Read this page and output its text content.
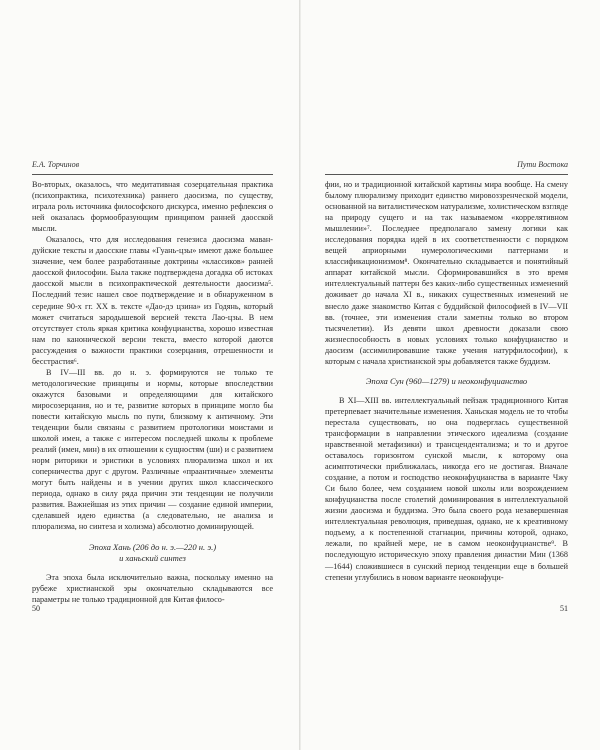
Е.А. Торчинов

Во-вторых, оказалось, что медитативная созерцательная практика (психопрактика, психотехника) раннего даосизма, по существу, играла роль источника философского дискурса, именно рефлексия о ней оказалась формообразующим принципом ранней даосской мысли.

Оказалось, что для исследования генезиса даосизма маван-дуйские тексты и даосские главы «Гуань-цзы» имеют даже большее значение, чем более разработанные доктрины «классиков» ранней даосской философии. Была также подтверждена догадка об истоках даосской мысли в психопрактической деятельности даосизма⁵. Последний тезис нашел свое подтверждение и в обнаруженном в середине 90-х гг. XX в. тексте «Дао-дэ цзина» из Годянь, который может считаться зародышевой версией текста Лао-цзы. В нем отсутствует столь яркая критика конфуцианства, хорошо известная нам по канонической версии текста, вместо которой даются рассуждения о важности практики созерцания, отрешенности и бесстрастия⁶.

В IV—III вв. до н. э. формируются не только те методологические принципы и нормы, которые впоследствии окажутся базовыми и определяющими для китайского миросозерцания, но и те, развитие которых в принципе могло бы повести китайскую мысль по пути, близкому к античному. Эти тенденции были связаны с развитием протологики моистами и школой имен, а также с интересом последней школы к проблеме реалий (имен, мин) в их отношении к сущностям (ши) и с развитием норм риторики и эристики в условиях плюрализма школ и их соперничества друг с другом. Различные «праантичные» элементы могут быть найдены и в учении других школ классического периода, однако в силу ряда причин эти тенденции не получили развития. Важнейшая из этих причин — создание единой империи, сделавшей идею единства (а следовательно, не анализа и плюрализма, но синтеза и холизма) абсолютно доминирующей.

Эпоха Хань (206 до н. э.—220 н. э.)
и ханьский синтез

Эта эпоха была исключительно важна, поскольку именно на рубеже христианской эры окончательно складываются все параметры не только традиционной для Китая филосо-

50
Пути Востока

фии, но и традиционной китайской картины мира вообще. На смену былому плюрализму приходит единство мировоззренческой модели, основанной на виталистическом натурализме, холистическом взгляде на природу сущего и на так называемом «коррелятивном мышлении»⁷. Последнее предполагало замену логики как исследования порядка идей в их соответственности с порядком вещей априорными нумерологическими паттернами и классификационизмом⁸. Окончательно складывается и понятийный аппарат китайской мысли. Сформировавшийся в это время интеллектуальный паттерн без каких-либо существенных изменений доживает до начала XI в., никаких существенных изменений не внесло даже знакомство Китая с буддийской философией в IV—VII вв. (точнее, эти изменения стали заметны только во втором тысячелетии). Из девяти школ древности доказали свою жизнеспособность в новых условиях только конфуцианство и даосизм (ассимилировавшие также учения натурфилософии), к которым с начала христианской эры добавляется также буддизм.

Эпоха Сун (960—1279) и неоконфуцианство

В XI—XIII вв. интеллектуальный пейзаж традиционного Китая претерпевает значительные изменения. Ханьская модель не то чтобы перестала существовать, но она подверглась существенной трансформации в направлении этического идеализма (создание нравственной метафизики) и трансцендентализма; и то и другое оставалось горизонтом сунской мысли, к которому она асимптотически приближалась, никогда его не достигая. Вначале создание, а потом и господство неоконфуцианства в варианте Чжу Си было более, чем созданием новой школы или возрождением конфуцианства после столетий доминирования в интеллектуальной жизни даосизма и буддизма. Это была своего рода незавершенная интеллектуальная революция, приведшая, однако, не к креативному подъему, а к постепенной стагнации, причины которой, однако, лежали, по крайней мере, не в самом неоконфуцианстве⁹. В последующую историческую эпоху правления династии Мин (1368—1644) сложившиеся в сунский период тенденции еще в большей степени углубились в новом варианте неоконфуци-

51
